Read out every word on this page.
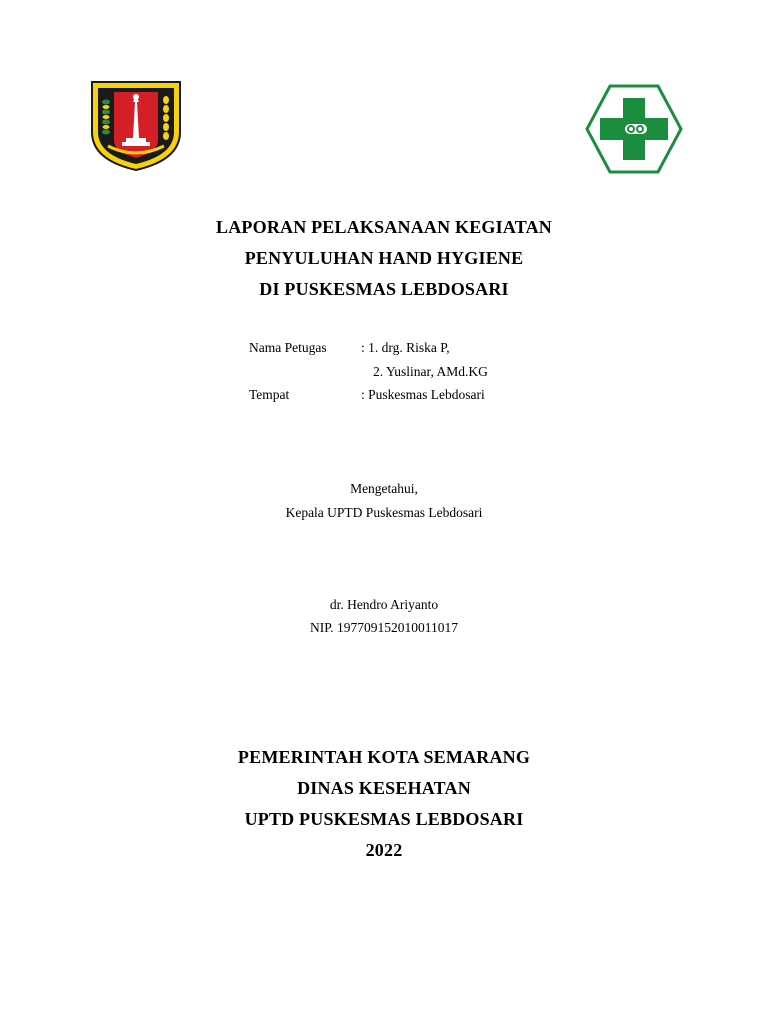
LAPORAN PELAKSANAAN KEGIATAN
PENYULUHAN HAND HYGIENE
DI PUSKESMAS LEBDOSARI
Nama Petugas	: 1. drg. Riska P,
2. Yuslinar, AMd.KG
Tempat	: Puskesmas Lebdosari
Mengetahui,
Kepala UPTD Puskesmas Lebdosari
dr. Hendro Ariyanto
NIP. 197709152010011017
PEMERINTAH KOTA SEMARANG
DINAS KESEHATAN
UPTD PUSKESMAS LEBDOSARI
2022
